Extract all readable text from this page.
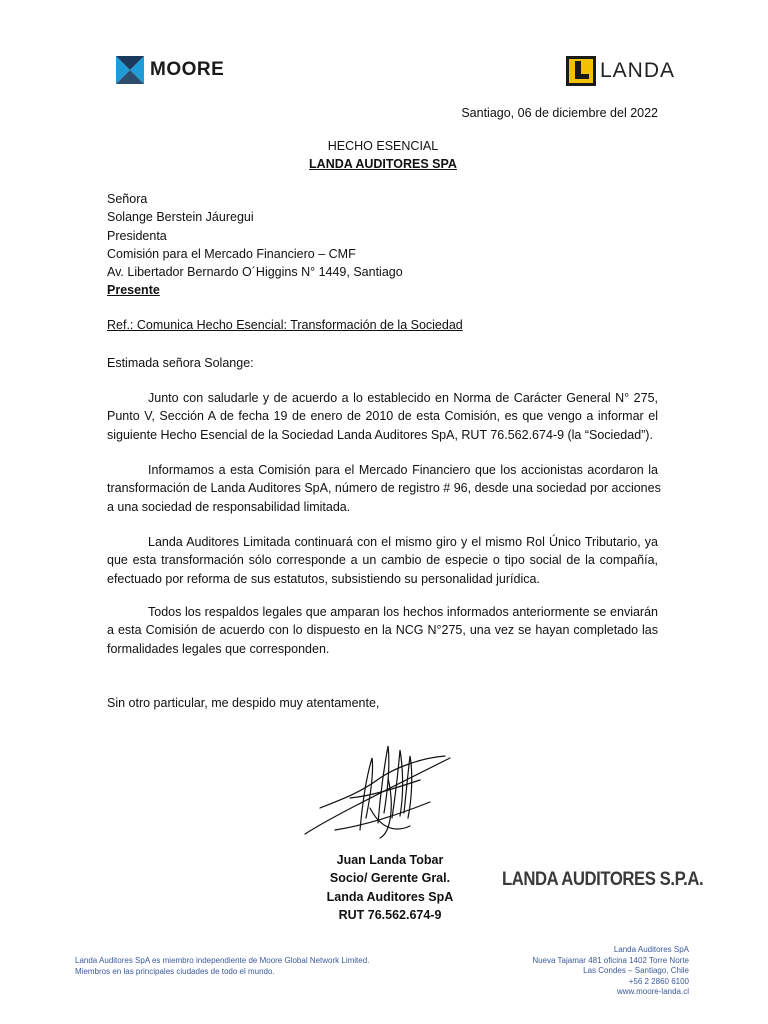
MOORE	LANDA
Santiago, 06 de diciembre del 2022
HECHO ESENCIAL
LANDA AUDITORES SPA
Señora
Solange Berstein Jáuregui
Presidenta
Comisión para el Mercado Financiero – CMF
Av. Libertador Bernardo O´Higgins N° 1449, Santiago
Presente
Ref.: Comunica Hecho Esencial: Transformación de la Sociedad
Estimada señora Solange:
Junto con saludarle y de acuerdo a lo establecido en Norma de Carácter General N° 275,
Punto V, Sección A de fecha 19 de enero de 2010 de esta Comisión, es que vengo a informar el
siguiente Hecho Esencial de la Sociedad Landa Auditores SpA, RUT 76.562.674-9 (la “Sociedad”).
Informamos a esta Comisión para el Mercado Financiero que los accionistas acordaron la
transformación de Landa Auditores SpA, número de registro # 96, desde una sociedad por acciones
a una sociedad de responsabilidad limitada.
Landa Auditores Limitada continuará con el mismo giro y el mismo Rol Único Tributario, ya
que esta transformación sólo corresponde a un cambio de especie o tipo social de la compañía,
efectuado por reforma de sus estatutos, subsistiendo su personalidad jurídica.
Todos los respaldos legales que amparan los hechos informados anteriormente se enviarán
a esta Comisión de acuerdo con lo dispuesto en la NCG N°275, una vez se hayan completado las
formalidades legales que corresponden.
Sin otro particular, me despido muy atentamente,
Juan Landa Tobar
Socio/ Gerente Gral.
Landa Auditores SpA
RUT 76.562.674-9
LANDA AUDITORES S.P.A.
Landa Auditores SpA es miembro independiente de Moore Global Network Limited.
Miembros en las principales ciudades de todo el mundo.
Landa Auditores SpA
Nueva Tajamar 481 oficina 1402 Torre Norte
Las Condes – Santiago, Chile
+56 2 2860 6100
www.moore-landa.cl
